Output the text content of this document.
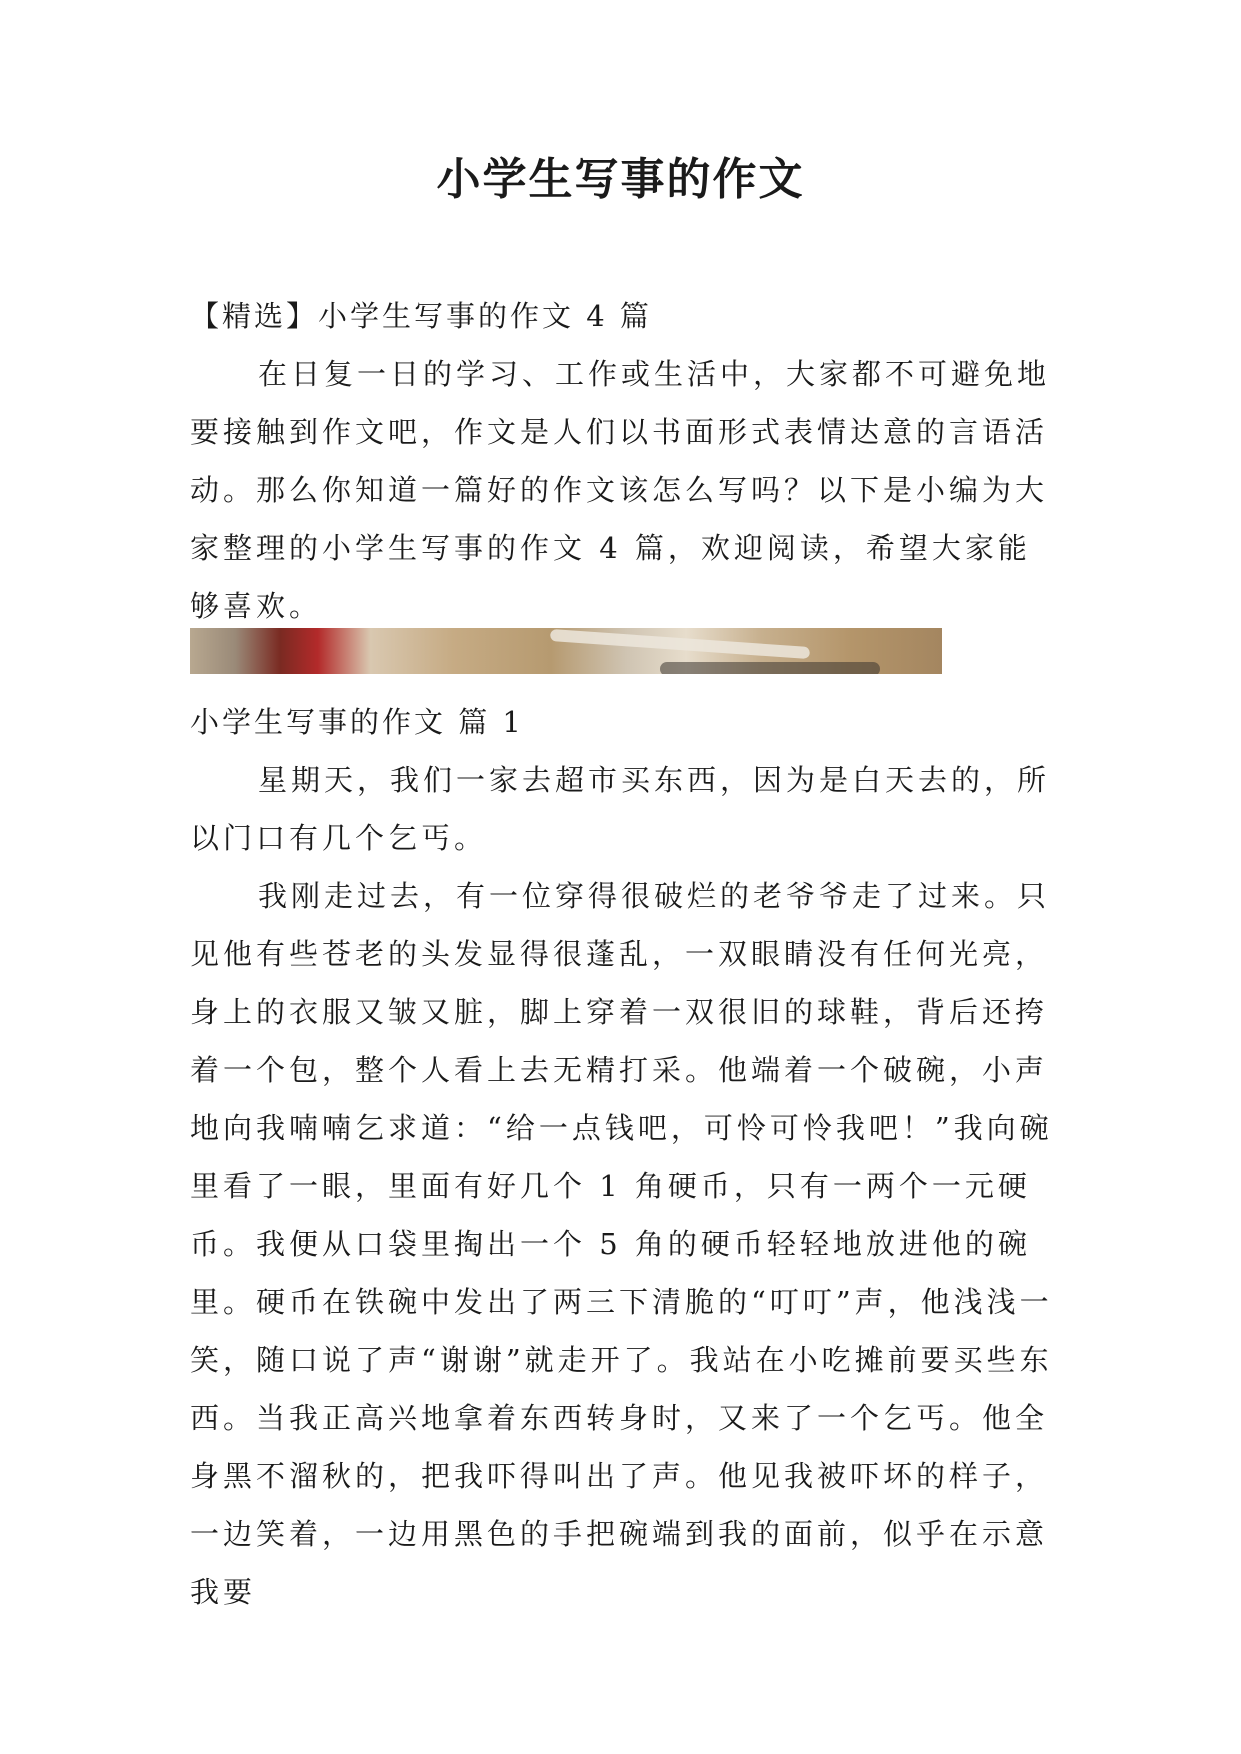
小学生写事的作文
【精选】小学生写事的作文 4 篇

在日复一日的学习、工作或生活中，大家都不可避免地要接触到作文吧，作文是人们以书面形式表情达意的言语活动。那么你知道一篇好的作文该怎么写吗？以下是小编为大家整理的小学生写事的作文 4 篇，欢迎阅读，希望大家能够喜欢。

小学生写事的作文 篇 1

星期天，我们一家去超市买东西，因为是白天去的，所以门口有几个乞丐。

我刚走过去，有一位穿得很破烂的老爷爷走了过来。只见他有些苍老的头发显得很蓬乱，一双眼睛没有任何光亮，身上的衣服又皱又脏，脚上穿着一双很旧的球鞋，背后还挎着一个包，整个人看上去无精打采。他端着一个破碗，小声地向我喃喃乞求道：“给一点钱吧，可怜可怜我吧！”我向碗里看了一眼，里面有好几个 1 角硬币，只有一两个一元硬币。我便从口袋里掏出一个 5 角的硬币轻轻地放进他的碗里。硬币在铁碗中发出了两三下清脆的“叮叮”声，他浅浅一笑，随口说了声“谢谢”就走开了。我站在小吃摊前要买些东西。当我正高兴地拿着东西转身时，又来了一个乞丐。他全身黑不溜秋的，把我吓得叫出了声。他见我被吓坏的样子，一边笑着，一边用黑色的手把碗端到我的面前，似乎在示意我要
